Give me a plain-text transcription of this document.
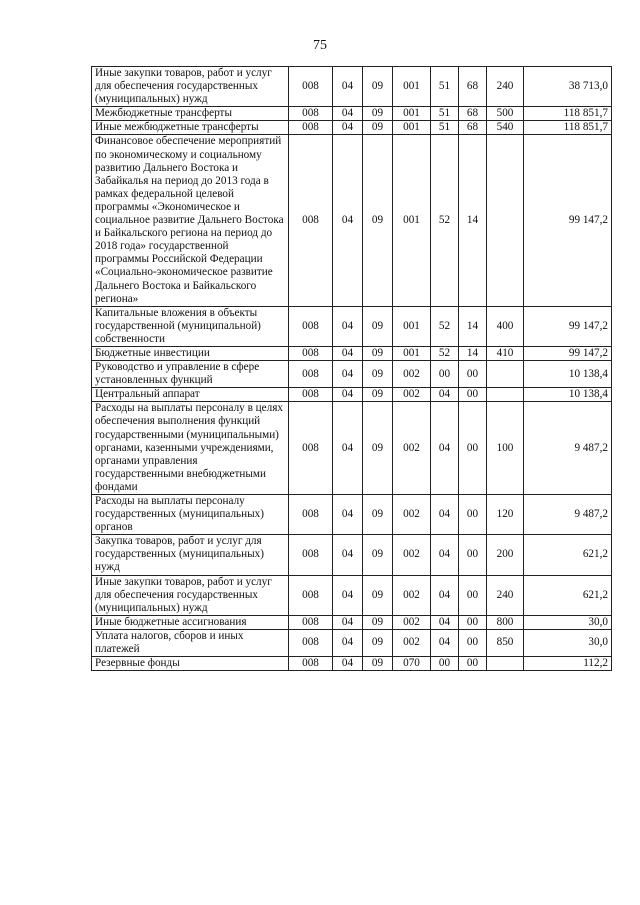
75
Иные закупки товаров, работ и услуг для обеспечения государственных (муниципальных) нужд	008	04	09	001	51	68	240	38 713,0
Межбюджетные трансферты	008	04	09	001	51	68	500	118 851,7
Иные межбюджетные трансферты	008	04	09	001	51	68	540	118 851,7
Финансовое обеспечение мероприятий по экономическому и социальному развитию Дальнего Востока и Забайкалья на период до 2013 года в рамках федеральной целевой программы «Экономическое и социальное развитие Дальнего Востока и Байкальского региона на период до 2018 года» государственной программы Российской Федерации «Социально-экономическое развитие Дальнего Востока и Байкальского региона»	008	04	09	001	52	14		99 147,2
Капитальные вложения в объекты государственной (муниципальной) собственности	008	04	09	001	52	14	400	99 147,2
Бюджетные инвестиции	008	04	09	001	52	14	410	99 147,2
Руководство и управление в сфере установленных функций	008	04	09	002	00	00		10 138,4
Центральный аппарат	008	04	09	002	04	00		10 138,4
Расходы на выплаты персоналу в целях обеспечения выполнения функций государственными (муниципальными) органами, казенными учреждениями, органами управления государственными внебюджетными фондами	008	04	09	002	04	00	100	9 487,2
Расходы на выплаты персоналу государственных (муниципальных) органов	008	04	09	002	04	00	120	9 487,2
Закупка товаров, работ и услуг для государственных (муниципальных) нужд	008	04	09	002	04	00	200	621,2
Иные закупки товаров, работ и услуг для обеспечения государственных (муниципальных) нужд	008	04	09	002	04	00	240	621,2
Иные бюджетные ассигнования	008	04	09	002	04	00	800	30,0
Уплата налогов, сборов и иных платежей	008	04	09	002	04	00	850	30,0
Резервные фонды	008	04	09	070	00	00		112,2
